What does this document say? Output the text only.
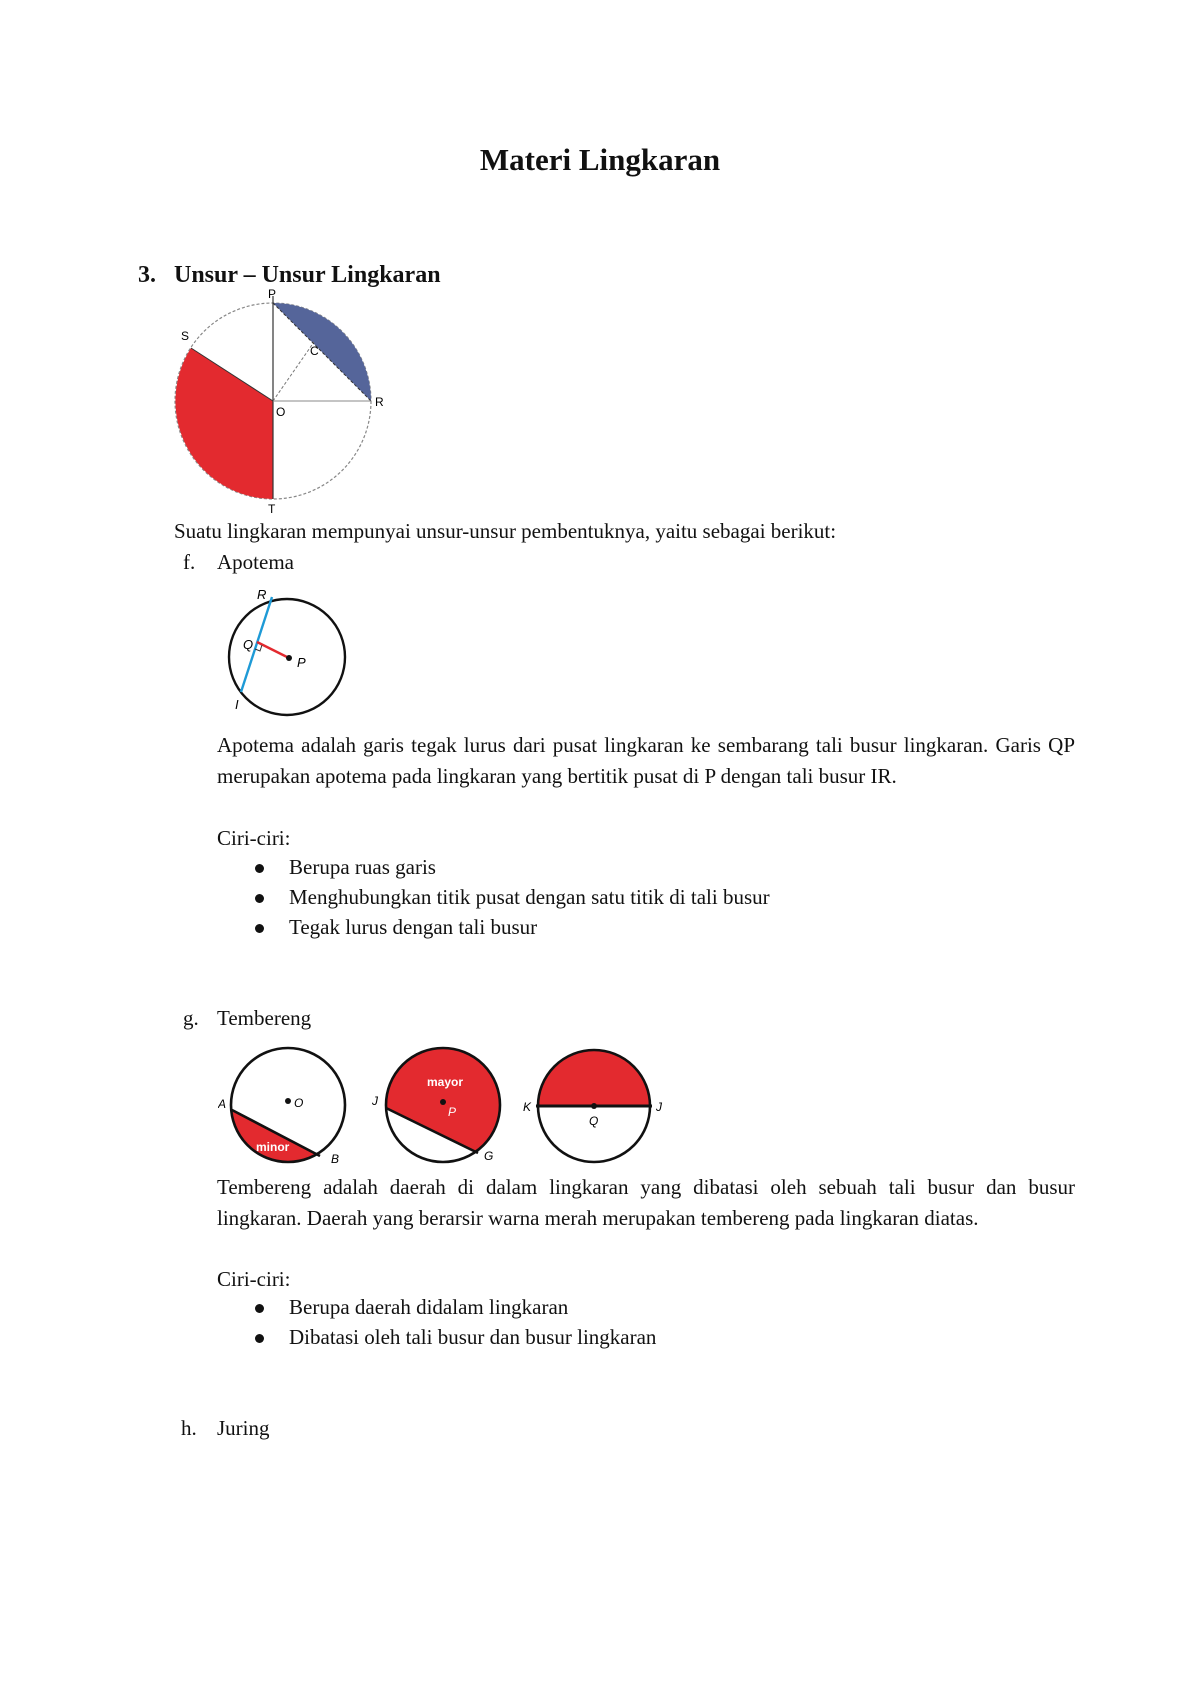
Materi Lingkaran
3. Unsur – Unsur Lingkaran
P
S
C
O
R
T
Suatu lingkaran mempunyai unsur-unsur pembentuknya, yaitu sebagai berikut:
f. Apotema
R
Q
P
I
Apotema adalah garis tegak lurus dari pusat lingkaran ke sembarang tali busur lingkaran. Garis QP merupakan apotema pada lingkaran yang bertitik pusat di P dengan tali busur IR.
Ciri-ciri:
Berupa ruas garis
Menghubungkan titik pusat dengan satu titik di tali busur
Tegak lurus dengan tali busur
g. Tembereng
A	O
B
minor
J
mayor
P
G
K
Q
J
Tembereng adalah daerah di dalam lingkaran yang dibatasi oleh sebuah tali busur dan busur lingkaran. Daerah yang berarsir warna merah merupakan tembereng pada lingkaran diatas.
Ciri-ciri:
Berupa daerah didalam lingkaran
Dibatasi oleh tali busur dan busur lingkaran
h. Juring
